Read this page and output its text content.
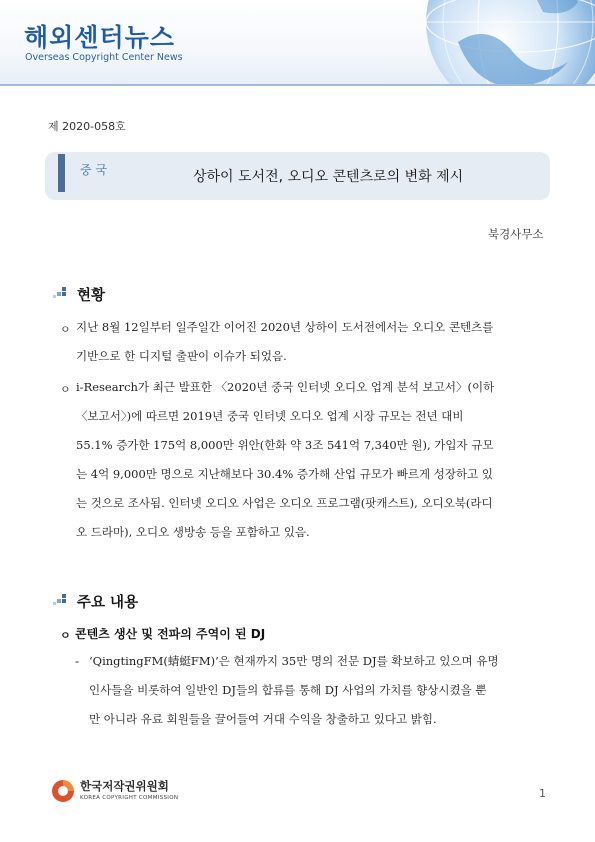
해외센터뉴스
Overseas Copyright Center News
제 2020-058호
중 국	상하이 도서전, 오디오 콘텐츠로의 변화 제시
북경사무소
현황
ㅇ 지난 8월 12일부터 일주일간 이어진 2020년 상하이 도서전에서는 오디오 콘텐츠를
기반으로 한 디지털 출판이 이슈가 되었음.
ㅇ i-Research가 최근 발표한 〈2020년 중국 인터넷 오디오 업계 분석 보고서〉(이하
〈보고서〉)에 따르면 2019년 중국 인터넷 오디오 업계 시장 규모는 전년 대비
55.1% 증가한 175억 8,000만 위안(한화 약 3조 541억 7,340만 원), 가입자 규모
는 4억 9,000만 명으로 지난해보다 30.4% 증가해 산업 규모가 빠르게 성장하고 있
는 것으로 조사됨. 인터넷 오디오 사업은 오디오 프로그램(팟캐스트), 오디오북(라디
오 드라마), 오디오 생방송 등을 포함하고 있음.
주요 내용
ㅇ 콘텐츠 생산 및 전파의 주역이 된 DJ
- ‘QingtingFM(蜻蜓FM)’은 현재까지 35만 명의 전문 DJ를 확보하고 있으며 유명
인사들을 비롯하여 일반인 DJ들의 합류를 통해 DJ 사업의 가치를 향상시켰을 뿐
만 아니라 유료 회원들을 끌어들여 거대 수익을 창출하고 있다고 밝힘.
한국저작권위원회
KOREA COPYRIGHT COMMISSION	1
